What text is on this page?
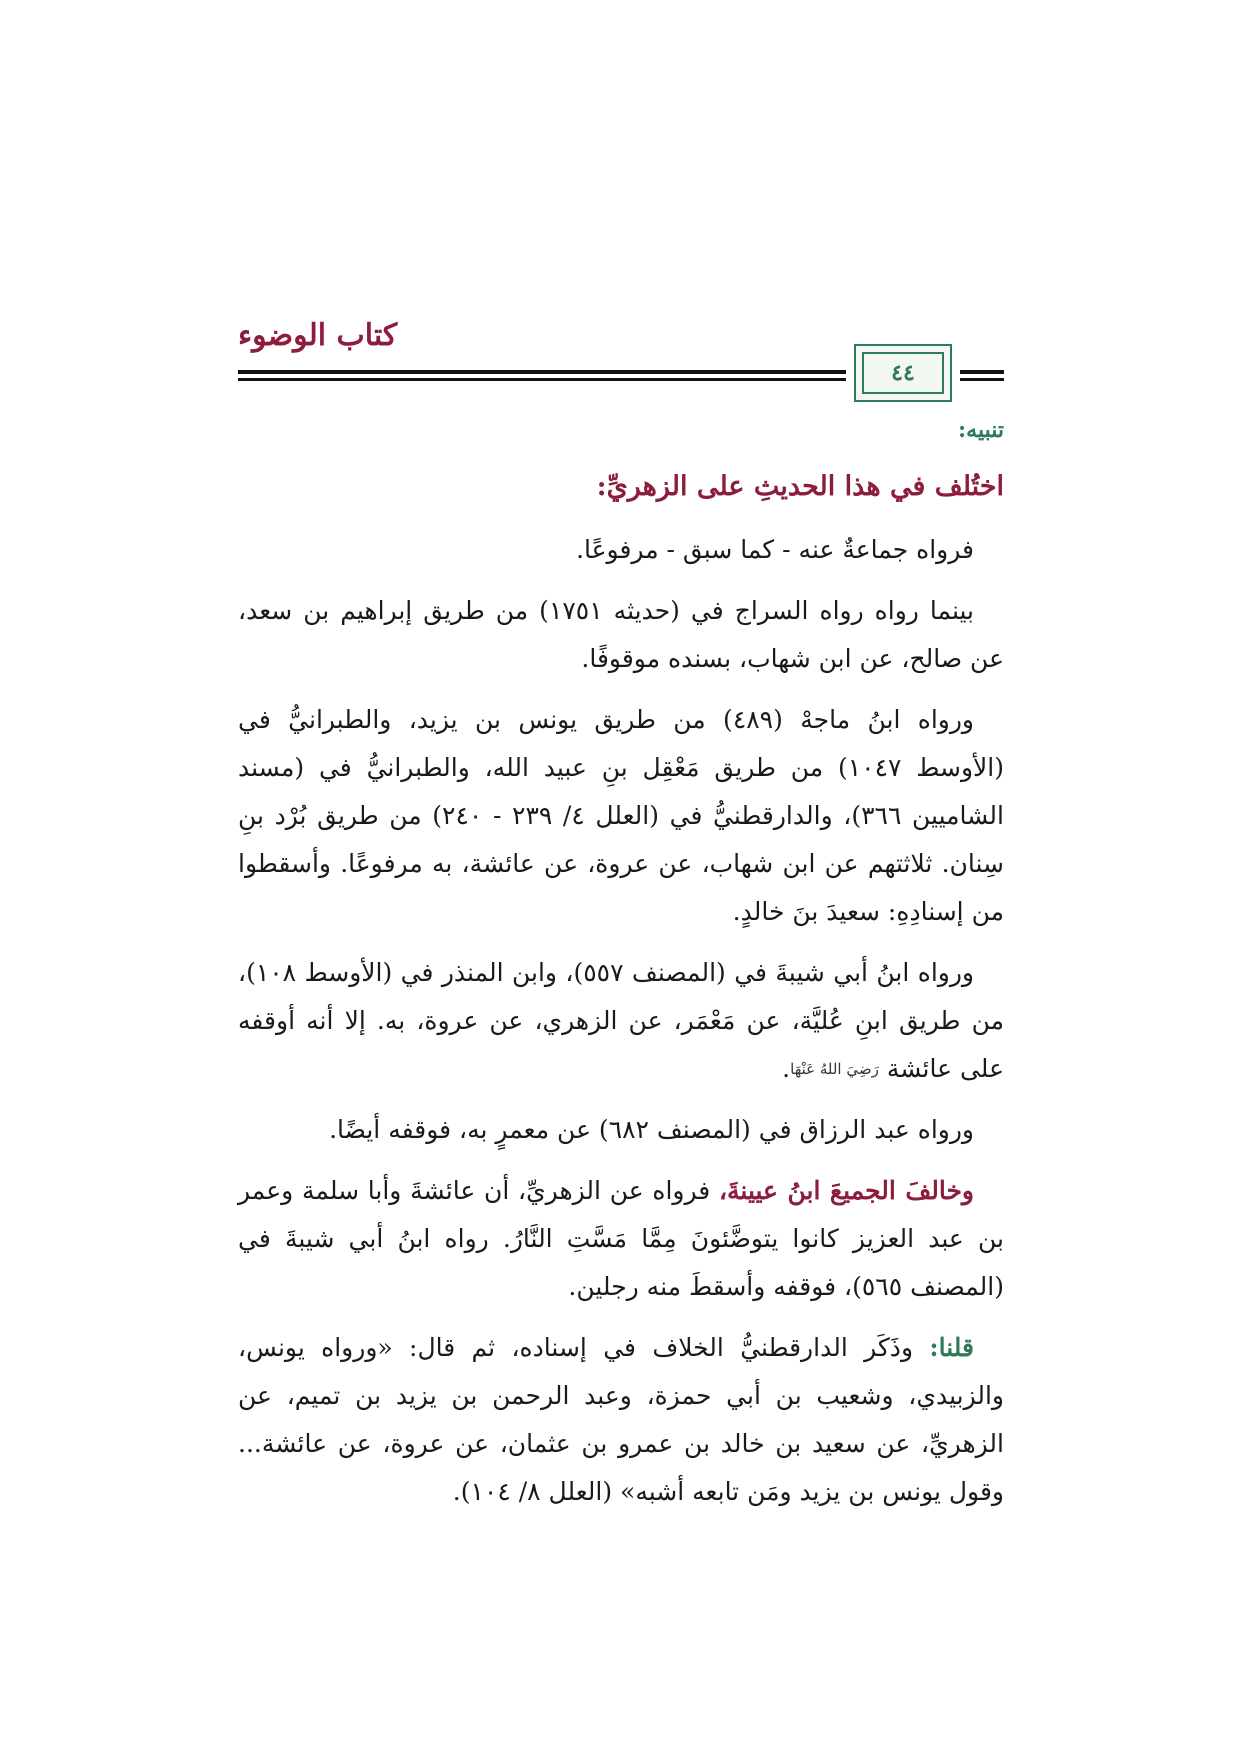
كتاب الوضوء
٤٤
تنبيه:
اختُلف في هذا الحديثِ على الزهريِّ:

فرواه جماعةٌ عنه - كما سبق - مرفوعًا.

بينما رواه رواه السراج في (حديثه ١٧٥١) من طريق إبراهيم بن سعد، عن صالح، عن ابن شهاب، بسنده موقوفًا.

ورواه ابنُ ماجهْ (٤٨٩) من طريق يونس بن يزيد، والطبرانيُّ في (الأوسط ١٠٤٧) من طريق مَعْقِل بنِ عبيد الله، والطبرانيُّ في (مسند الشاميين ٣٦٦)، والدارقطنيُّ في (العلل ٤/ ٢٣٩ - ٢٤٠) من طريق بُرْد بنِ سِنان. ثلاثتهم عن ابن شهاب، عن عروة، عن عائشة، به مرفوعًا. وأسقطوا من إسنادِهِ: سعيدَ بنَ خالدٍ.

ورواه ابنُ أبي شيبةَ في (المصنف ٥٥٧)، وابن المنذر في (الأوسط ١٠٨)، من طريق ابنِ عُليَّة، عن مَعْمَر، عن الزهري، عن عروة، به. إلا أنه أوقفه على عائشة $^{رَضِيَ اللهُ عَنْهَا}$.

ورواه عبد الرزاق في (المصنف ٦٨٢) عن معمرٍ به، فوقفه أيضًا.

وخالفَ الجميعَ ابنُ عيينةَ، فرواه عن الزهريِّ، أن عائشةَ وأبا سلمة وعمر بن عبد العزيز كانوا يتوضَّئونَ مِمَّا مَسَّتِ النَّارُ. رواه ابنُ أبي شيبةَ في (المصنف ٥٦٥)، فوقفه وأسقطَ منه رجلين.

قلنا: وذَكَر الدارقطنيُّ الخلاف في إسناده، ثم قال: «ورواه يونس، والزبيدي، وشعيب بن أبي حمزة، وعبد الرحمن بن يزيد بن تميم، عن الزهريِّ، عن سعيد بن خالد بن عمرو بن عثمان، عن عروة، عن عائشة... وقول يونس بن يزيد ومَن تابعه أشبه» (العلل ٨/ ١٠٤).
